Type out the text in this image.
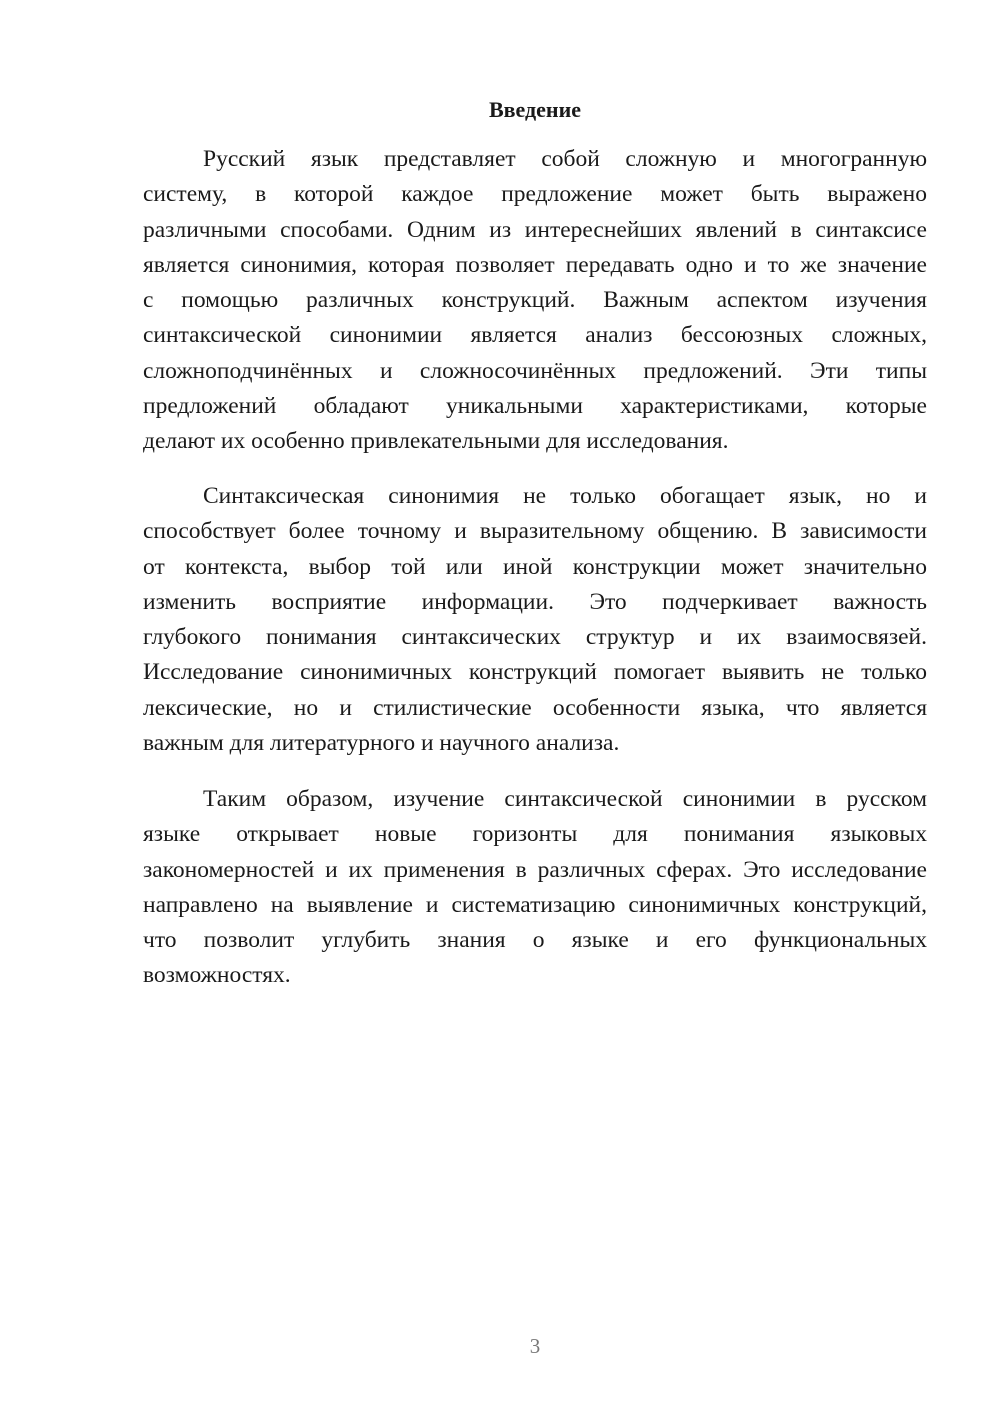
Введение
Русский язык представляет собой сложную и многогранную
систему, в которой каждое предложение может быть выражено
различными способами. Одним из интереснейших явлений в синтаксисе
является синонимия, которая позволяет передавать одно и то же значение
с помощью различных конструкций. Важным аспектом изучения
синтаксической синонимии является анализ бессоюзных сложных,
сложноподчинённых и сложносочинённых предложений. Эти типы
предложений обладают уникальными характеристиками, которые
делают их особенно привлекательными для исследования.
Синтаксическая синонимия не только обогащает язык, но и
способствует более точному и выразительному общению. В зависимости
от контекста, выбор той или иной конструкции может значительно
изменить восприятие информации. Это подчеркивает важность
глубокого понимания синтаксических структур и их взаимосвязей.
Исследование синонимичных конструкций помогает выявить не только
лексические, но и стилистические особенности языка, что является
важным для литературного и научного анализа.
Таким образом, изучение синтаксической синонимии в русском
языке открывает новые горизонты для понимания языковых
закономерностей и их применения в различных сферах. Это исследование
направлено на выявление и систематизацию синонимичных конструкций,
что позволит углубить знания о языке и его функциональных
возможностях.
3
